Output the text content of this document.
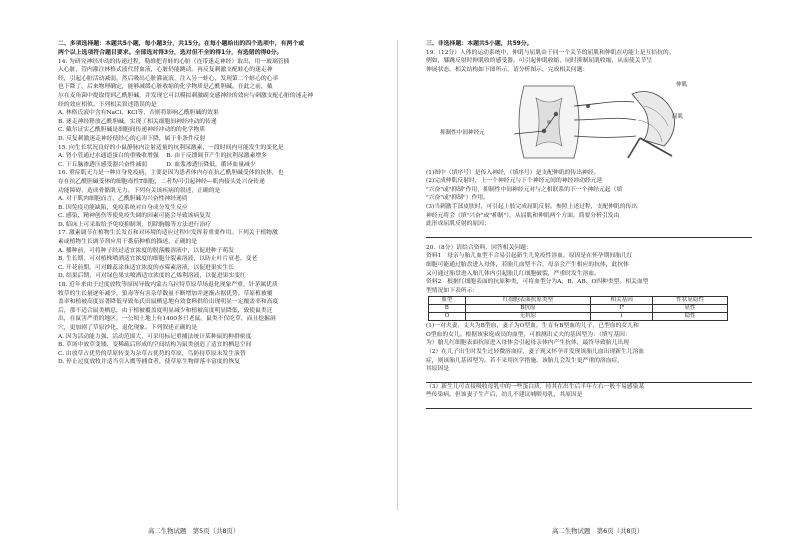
二、多项选择题：本题共5小题，每小题3分，共15分。在每小题给出的四个选项中，有两个或
两个以上选项符合题目要求。全部选对得3分，选对但不全的得1分，有选错的得0分。
14. 为研究神经冲动的传递过程，勒维把青蛙的心脏（连带迷走神经）取出，用一玻璃管插
入心脏，管内灌注林格式液代替血液，心脏仍能跳动。再反复刺激支配蛙心的迷走神
经，引起心脏活动减弱，然后吸出心脏灌流液，注入另一蛙心，发现第二个蛙心的心率
也下降了。后来物理确定，能够减缓心脏收缩的化学物质是乙酰胆碱。在此之前，戴
尔在麦角菌中提取得到乙酰胆碱，并发现它可以模拟刺激副交感神经的效应与刺激支配心脏的迷走神
经的效应相似。下列相关叙述错误的是
A. 林格氏液中含有NaCl、KCl等，否则将影响乙酰胆碱的效果
B. 迷走神经释放乙酰胆碱，实现了相关细胞间神经冲动的传递
C. 戴尔证实乙酰胆碱是细胞间传递神经冲动的的化学物质
D. 反复刺激迷走神经使经心的心率下降，属于非条件反射
15. 向生长状况良好的小鼠静脉内注射适量的抗利尿激素，一段时间内可能发生的变化是
A. 肾小管通过水通道蛋白的重吸收增强　 B. 由于反馈调节产生的抗利尿激素增多
C. 下丘脑渗透压感受器兴奋性减弱　　　 D. 血浆渗透压降低，循环血量减少
16. 重症肌无力是一种自身免疫病，主要是因为患者体内存在抗乙酰胆碱受体的抗体，也
存在抗乙酰胆碱受体的细胞毒性T细胞，二者均可引起神经—肌肉接头处兴奋传递
功能障碍，造成骨骼肌无力。下列有关该疾病的叙述，正确的是
A. 对于肌肉细胞而言，乙酰胆碱为兴奋性神经递质
B. 因免疫功能缺陷，免疫系统对自身成分发生反应
C. 感染、精神创伤等使免疫失调的因素可能会导致该病复发
D. 临床上可采取给予免疫抑制剂，切除胸腺等方法进行治疗
17. 激素调节在植物生长发育和对环境的适应过程中发挥着重要作用。下列关于植物激
素或植物生长调节剂应用于番茄种植的描述，正确的是
A. 播种前，可将种子经过适宜浓度的脱落酸溶液中，以促进种子萌发
B. 生长期，可对植株喷洒适宜浓度的细胞分裂素溶液，以防止叶片衰老、变老
C. 开花前期，可对雌蕊涂抹适宜浓度的赤霉素溶液，以促进果实生长
D. 结果后期，可对绿色果实喷洒适宜浓度的乙烯利溶液，以促进果实变红
18. 近年来由于过度放牧等原因导致内蒙古乌拉特草原草场退化现象严重，针茅属优质
牧草的生长量逐年减少，狼毒等有害杂草数量不断增加并逐渐占据优势。草原植被覆
盖率和植被高度显著降低导致布氏田鼠栖息地有效食料供给出现明显一定覆盖率和高度
后，那不适合鼠类栖息，由于植被覆盖度明显减少和植被高度明显降低，致使鼠类迁
出，在鼠害严重的地区，一公顷土地上有1400多只老鼠。鼠类不仅吃草，而且挖掘洞
穴，更加剧了草原沙化、退化现象。下列叙述正确的是
A. 因为活动能力强、活动范围大，可采用标记重捕法统计某种鼠的种群密度
B. 草场中放草变矮、变稀疏后形成的空间结构为鼠类创造了适宜的栖息空间
C. 由放草占优势的草原转变为杂草占优势的草原，鸟防持草原未发生演替
D. 停止过度放牧并适当引入鹰等捕食者，使草原生物群落丰富度的恢复
三、非选择题：本题共5小题，共59分。
19.（12分）人体的运动系统中，伸肌与屈肌由于同一个关节的屈肌和伸肌在功能上是互拮抗的。
例如，膝跳反射时伸肌收的感受器，可引起伸肌收缩，同时抑制屈肌收缩，从而使关节呈
伸展状态。相关结构如下图所示，请分析图示，完成相关问题：
伸肌
屈肌
抑制性中间神经元
(1)图中（填序号）是传入神经，（填序号）是支配伸肌的传出神经。
(2)完成伸肌反射时，上一个神经元与下个神经元间的神经冲动经元延
"兴奋"或"抑制"作用，抑制性中间神经元对与之相联系的下一个神经元起（填
"兴奋"或"抑制"）作用。
(3)当刺激手部皮肤时，可引起上肢完成屈肌反射。参照上述过程，支配伸肌的传出
神经元将会（填"兴奋"或"抑制"），从屈肌和伸肌两个方面，简要分析引发由
此形成屈肌反射的原因：
20.（8分）请结合资料，回答相关问题：
资料1　母亲与胎儿血型不合易引起新生儿免疫性溶血。原因是在怀孕期间胎儿红
细胞可能通过胎盘进入母体，若胎儿血型不合，母亲会产生相应的抗体，此抗体
又可通过胎盘进入胎儿体内引起胎儿红细胞破裂，严重时发生溶血。
资料2　根据红细胞表面的抗原种类，可将血型分为A、B、AB、O四种类型。相关血型
型情况如下表所示：
血型	红细胞表面抗原类型	相关基因	性状显隐性
B	B抗原	Iᴮ	显性
O	无抗原	i	隐性
(1)一对夫妻，丈夫为B型血，妻子为O型血，生育有B型血的儿子，已型血的女儿和
O型血的女儿。根据该家庭成员的血型，可推测出丈夫的基因型为：（填写基因：
为）胎儿红细胞表面抗原进入母体会引起母亲体内产生抗体，最终导致胎儿出现
（2）在儿子出生时发生过轻微溶血症，妻子现又怀孕并发现该胎儿血出现新生儿溶血
症，则该胎儿基因型为。若不采用医学措施，该胎儿会发生更严重的溶血症，
其原因是
（3）新生儿可直接吸收母乳中的一些蛋白质，持其在出生后半年左右一般不易感染某
些传染病。但该妻子生产后，幼儿不建议哺喂母乳，其原因是
高二生物试题　第5页（共8页）	高二生物试题　第6页（共8页）
